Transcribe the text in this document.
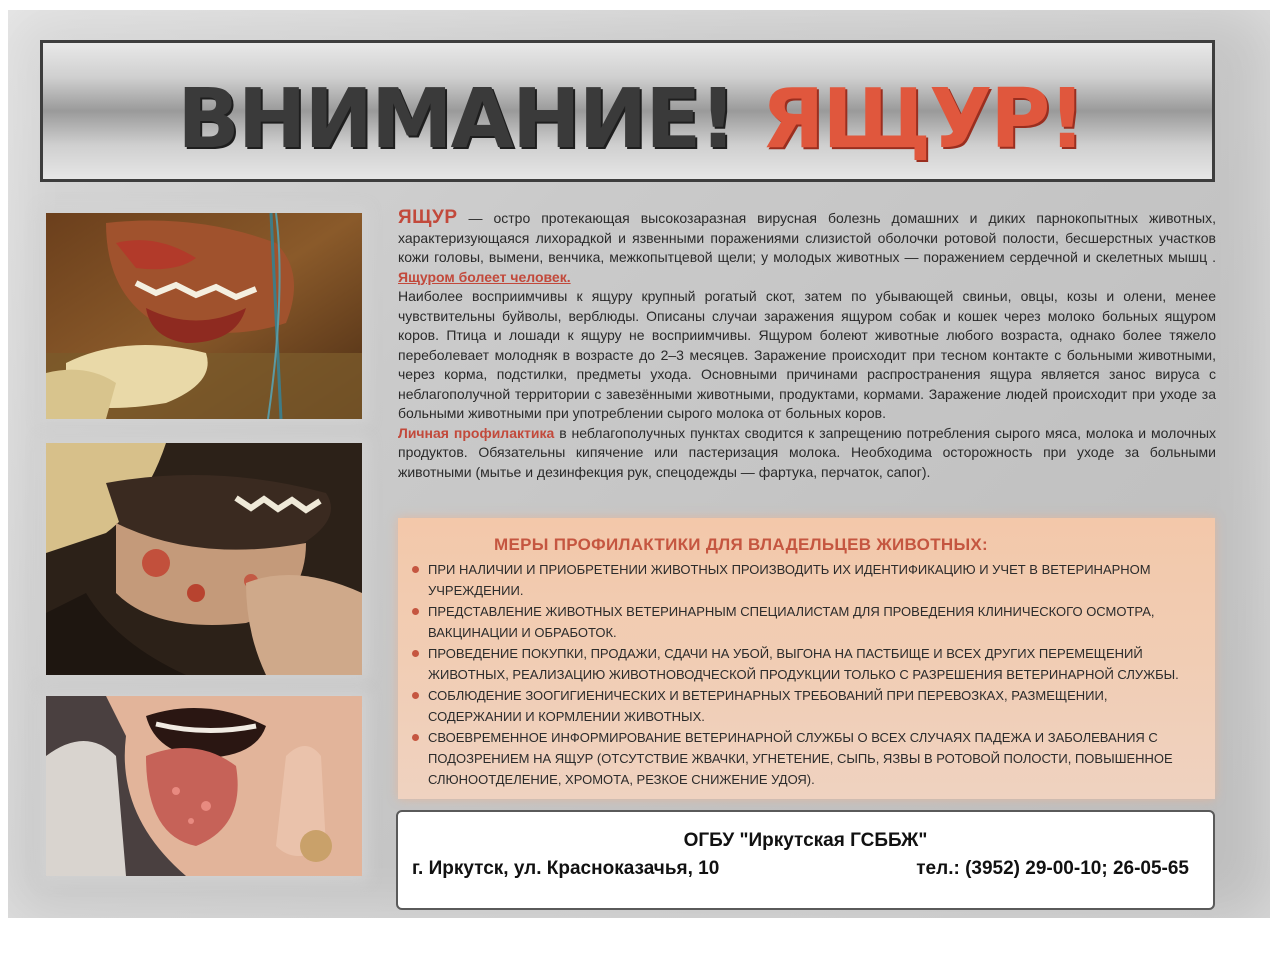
ВНИМАНИЕ! ЯЩУР!

ЯЩУР — остро протекающая высокозаразная вирусная болезнь домашних и диких парнокопытных животных, характеризующаяся лихорадкой и язвенными поражениями слизистой оболочки ротовой полости, бесшерстных участков кожи головы, вымени, венчика, межкопытцевой щели; у молодых животных — поражением сердечной и скелетных мышц . Ящуром болеет человек.

Наиболее восприимчивы к ящуру крупный рогатый скот, затем по убывающей свиньи, овцы, козы и олени, менее чувствительны буйволы, верблюды. Описаны случаи заражения ящуром собак и кошек через молоко больных ящуром коров. Птица и лошади к ящуру не восприимчивы. Ящуром болеют животные любого возраста, однако более тяжело переболевает молодняк в возрасте до 2–3 месяцев. Заражение происходит при тесном контакте с больными животными, через корма, подстилки, предметы ухода. Основными причинами распространения ящура является занос вируса с неблагополучной территории с завезёнными животными, продуктами, кормами. Заражение людей происходит при уходе за больными животными при употреблении сырого молока от больных коров.

Личная профилактика в неблагополучных пунктах сводится к запрещению потребления сырого мяса, молока и молочных продуктов. Обязательны кипячение или пастеризация молока. Необходима осторожность при уходе за больными животными (мытье и дезинфекция рук, спецодежды — фартука, перчаток, сапог).

МЕРЫ ПРОФИЛАКТИКИ ДЛЯ ВЛАДЕЛЬЦЕВ ЖИВОТНЫХ:
ПРИ НАЛИЧИИ И ПРИОБРЕТЕНИИ ЖИВОТНЫХ ПРОИЗВОДИТЬ ИХ ИДЕНТИФИКАЦИЮ И УЧЕТ В ВЕТЕРИНАРНОМ УЧРЕЖДЕНИИ.
ПРЕДСТАВЛЕНИЕ ЖИВОТНЫХ ВЕТЕРИНАРНЫМ СПЕЦИАЛИСТАМ ДЛЯ ПРОВЕДЕНИЯ КЛИНИЧЕСКОГО ОСМОТРА, ВАКЦИНАЦИИ И ОБРАБОТОК.
ПРОВЕДЕНИЕ ПОКУПКИ, ПРОДАЖИ, СДАЧИ НА УБОЙ, ВЫГОНА НА ПАСТБИЩЕ И ВСЕХ ДРУГИХ ПЕРЕМЕЩЕНИЙ ЖИВОТНЫХ, РЕАЛИЗАЦИЮ ЖИВОТНОВОДЧЕСКОЙ ПРОДУКЦИИ ТОЛЬКО С РАЗРЕШЕНИЯ ВЕТЕРИНАРНОЙ СЛУЖБЫ.
СОБЛЮДЕНИЕ ЗООГИГИЕНИЧЕСКИХ И ВЕТЕРИНАРНЫХ ТРЕБОВАНИЙ ПРИ ПЕРЕВОЗКАХ, РАЗМЕЩЕНИИ, СОДЕРЖАНИИ И КОРМЛЕНИИ ЖИВОТНЫХ.
СВОЕВРЕМЕННОЕ ИНФОРМИРОВАНИЕ ВЕТЕРИНАРНОЙ СЛУЖБЫ О ВСЕХ СЛУЧАЯХ ПАДЕЖА И ЗАБОЛЕВАНИЯ С ПОДОЗРЕНИЕМ НА ЯЩУР (ОТСУТСТВИЕ ЖВАЧКИ, УГНЕТЕНИЕ, СЫПЬ, ЯЗВЫ В РОТОВОЙ ПОЛОСТИ, ПОВЫШЕННОЕ СЛЮНООТДЕЛЕНИЕ, ХРОМОТА, РЕЗКОЕ СНИЖЕНИЕ УДОЯ).
ОГБУ "Иркутская ГСББЖ"
г. Иркутск, ул. Красноказачья, 10	тел.: (3952) 29-00-10; 26-05-65
